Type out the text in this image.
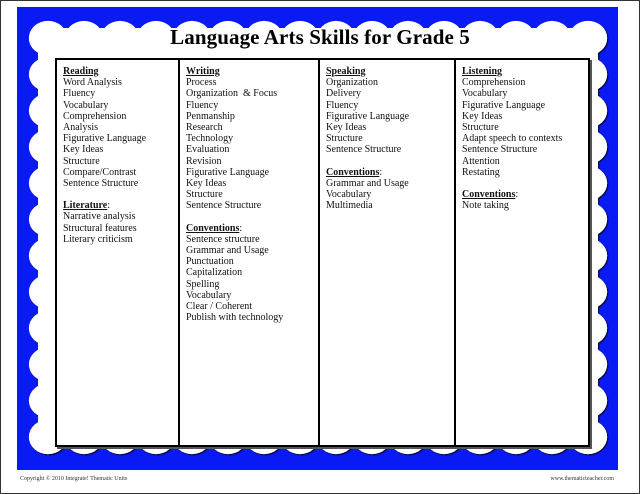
Language Arts Skills for Grade 5
Reading
Word Analysis
Fluency
Vocabulary
Comprehension
Analysis
Figurative Language
Key Ideas
Structure
Compare/Contrast
Sentence Structure
Literature:
Narrative analysis
Structural features
Literary criticism
Writing
Process
Organization  & Focus
Fluency
Penmanship
Research
Technology
Evaluation
Revision
Figurative Language
Key Ideas
Structure
Sentence Structure
Conventions:
Sentence structure
Grammar and Usage
Punctuation
Capitalization
Spelling
Vocabulary
Clear / Coherent
Publish with technology
Speaking
Organization
Delivery
Fluency
Figurative Language
Key Ideas
Structure
Sentence Structure
Conventions:
Grammar and Usage
Vocabulary
Multimedia
Listening
Comprehension
Vocabulary
Figurative Language
Key Ideas
Structure
Adapt speech to contexts
Sentence Structure
Attention
Restating
Conventions:
Note taking
Copyright © 2010 Integrate! Thematic Units	www.thematicteacher.com
